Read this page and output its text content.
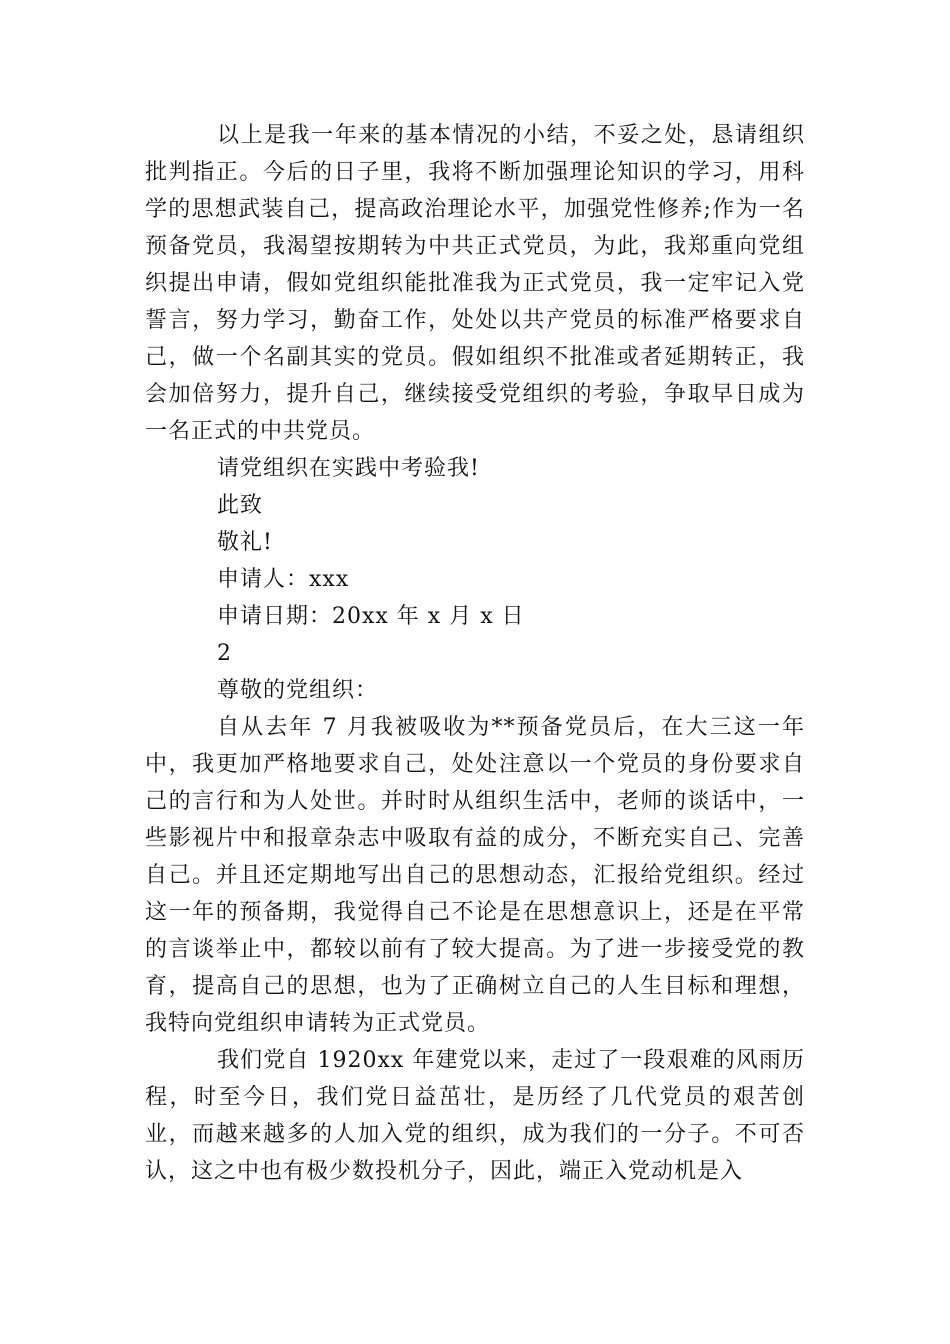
以上是我一年来的基本情况的小结，不妥之处，恳请组织批判指正。今后的日子里，我将不断加强理论知识的学习，用科学的思想武装自己，提高政治理论水平，加强党性修养;作为一名预备党员，我渴望按期转为中共正式党员，为此，我郑重向党组织提出申请，假如党组织能批准我为正式党员，我一定牢记入党誓言，努力学习，勤奋工作，处处以共产党员的标准严格要求自己，做一个名副其实的党员。假如组织不批准或者延期转正，我会加倍努力，提升自己，继续接受党组织的考验，争取早日成为一名正式的中共党员。

请党组织在实践中考验我!

此致

敬礼!

申请人：xxx

申请日期：20xx 年 x 月 x 日

2

尊敬的党组织：

自从去年 7 月我被吸收为**预备党员后，在大三这一年中，我更加严格地要求自己，处处注意以一个党员的身份要求自己的言行和为人处世。并时时从组织生活中，老师的谈话中，一些影视片中和报章杂志中吸取有益的成分，不断充实自己、完善自己。并且还定期地写出自己的思想动态，汇报给党组织。经过这一年的预备期，我觉得自己不论是在思想意识上，还是在平常的言谈举止中，都较以前有了较大提高。为了进一步接受党的教育，提高自己的思想，也为了正确树立自己的人生目标和理想，我特向党组织申请转为正式党员。

我们党自 1920xx 年建党以来，走过了一段艰难的风雨历程，时至今日，我们党日益茁壮，是历经了几代党员的艰苦创业，而越来越多的人加入党的组织，成为我们的一分子。不可否认，这之中也有极少数投机分子，因此，端正入党动机是入
